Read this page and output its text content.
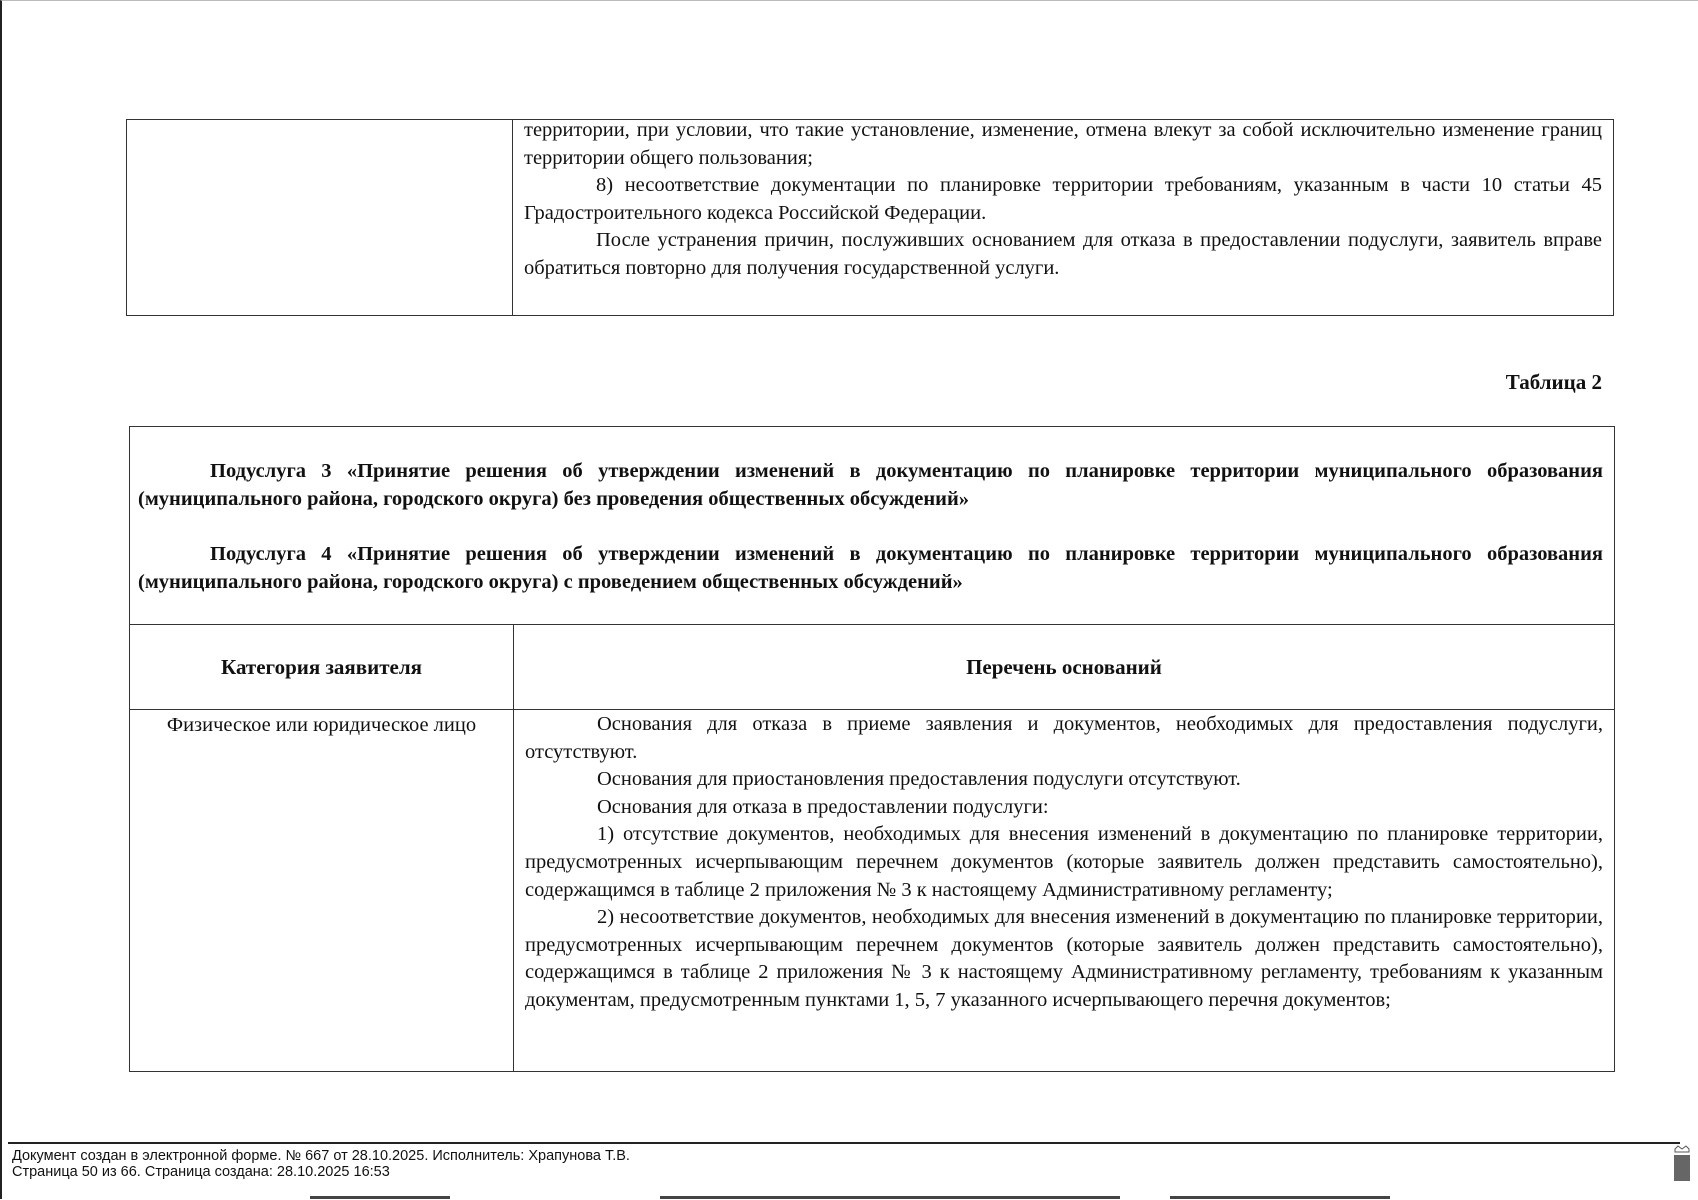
территории, при условии, что такие установление, изменение, отмена влекут за собой исключительно изменение границ территории общего пользования;

8) несоответствие документации по планировке территории требованиям, указанным в части 10 статьи 45 Градостроительного кодекса Российской Федерации.

После устранения причин, послуживших основанием для отказа в предоставлении подуслуги, заявитель вправе обратиться повторно для получения государственной услуги.

Таблица 2

Подуслуга 3 «Принятие решения об утверждении изменений в документацию по планировке территории муниципального образования (муниципального района, городского округа) без проведения общественных обсуждений»

Подуслуга 4 «Принятие решения об утверждении изменений в документацию по планировке территории муниципального образования (муниципального района, городского округа) с проведением общественных обсуждений»

Категория заявителя	Перечень оснований
Физическое или юридическое лицо	Основания для отказа в приеме заявления и документов, необходимых для предоставления подуслуги, отсутствуют.

Основания для приостановления предоставления подуслуги отсутствуют.

Основания для отказа в предоставлении подуслуги:

1) отсутствие документов, необходимых для внесения изменений в документацию по планировке территории, предусмотренных исчерпывающим перечнем документов (которые заявитель должен представить самостоятельно), содержащимся в таблице 2 приложения № 3 к настоящему Административному регламенту;

2) несоответствие документов, необходимых для внесения изменений в документацию по планировке территории, предусмотренных исчерпывающим перечнем документов (которые заявитель должен представить самостоятельно), содержащимся в таблице 2 приложения № 3 к настоящему Административному регламенту, требованиям к указанным документам, предусмотренным пунктами 1, 5, 7 указанного исчерпывающего перечня документов;

Документ создан в электронной форме. № 667 от 28.10.2025. Исполнитель: Храпунова Т.В.
Страница 50 из 66. Страница создана: 28.10.2025 16:53
